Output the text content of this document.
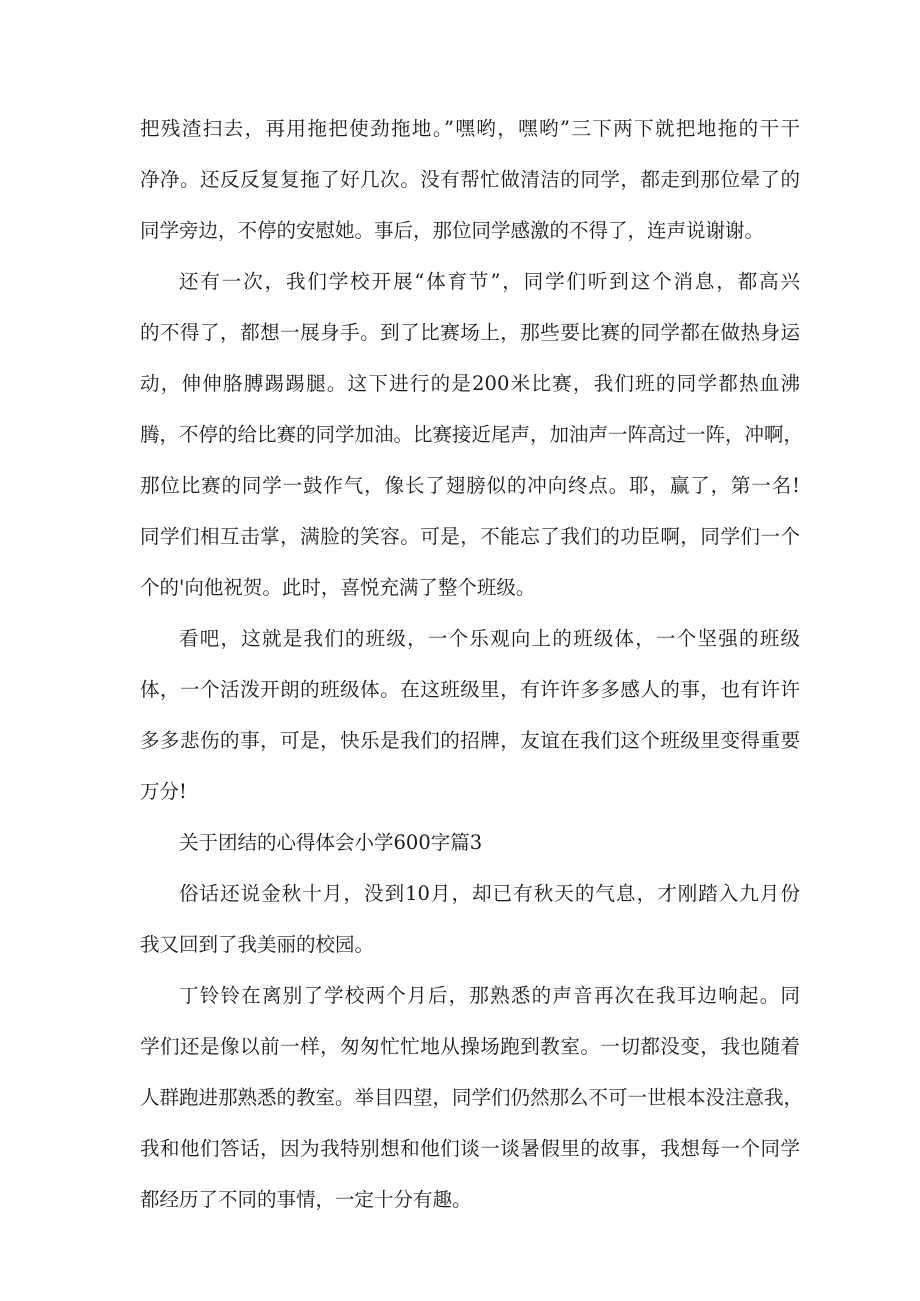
把残渣扫去，再用拖把使劲拖地。”嘿哟，嘿哟”三下两下就把地拖的干干

净净。还反反复复拖了好几次。没有帮忙做清洁的同学，都走到那位晕了的

同学旁边，不停的安慰她。事后，那位同学感激的不得了，连声说谢谢。

还有一次，我们学校开展“体育节”，同学们听到这个消息，都高兴

的不得了，都想一展身手。到了比赛场上，那些要比赛的同学都在做热身运

动，伸伸胳膊踢踢腿。这下进行的是200米比赛，我们班的同学都热血沸

腾，不停的给比赛的同学加油。比赛接近尾声，加油声一阵高过一阵，冲啊，

那位比赛的同学一鼓作气，像长了翅膀似的冲向终点。耶，赢了，第一名!

同学们相互击掌，满脸的笑容。可是，不能忘了我们的功臣啊，同学们一个

个的'向他祝贺。此时，喜悦充满了整个班级。

看吧，这就是我们的班级，一个乐观向上的班级体，一个坚强的班级

体，一个活泼开朗的班级体。在这班级里，有许许多多感人的事，也有许许

多多悲伤的事，可是，快乐是我们的招牌，友谊在我们这个班级里变得重要

万分!

关于团结的心得体会小学600字篇3

俗话还说金秋十月，没到10月，却已有秋天的气息，才刚踏入九月份

我又回到了我美丽的校园。

丁铃铃在离别了学校两个月后，那熟悉的声音再次在我耳边响起。同

学们还是像以前一样，匆匆忙忙地从操场跑到教室。一切都没变，我也随着

人群跑进那熟悉的教室。举目四望，同学们仍然那么不可一世根本没注意我，

我和他们答话，因为我特别想和他们谈一谈暑假里的故事，我想每一个同学

都经历了不同的事情，一定十分有趣。
